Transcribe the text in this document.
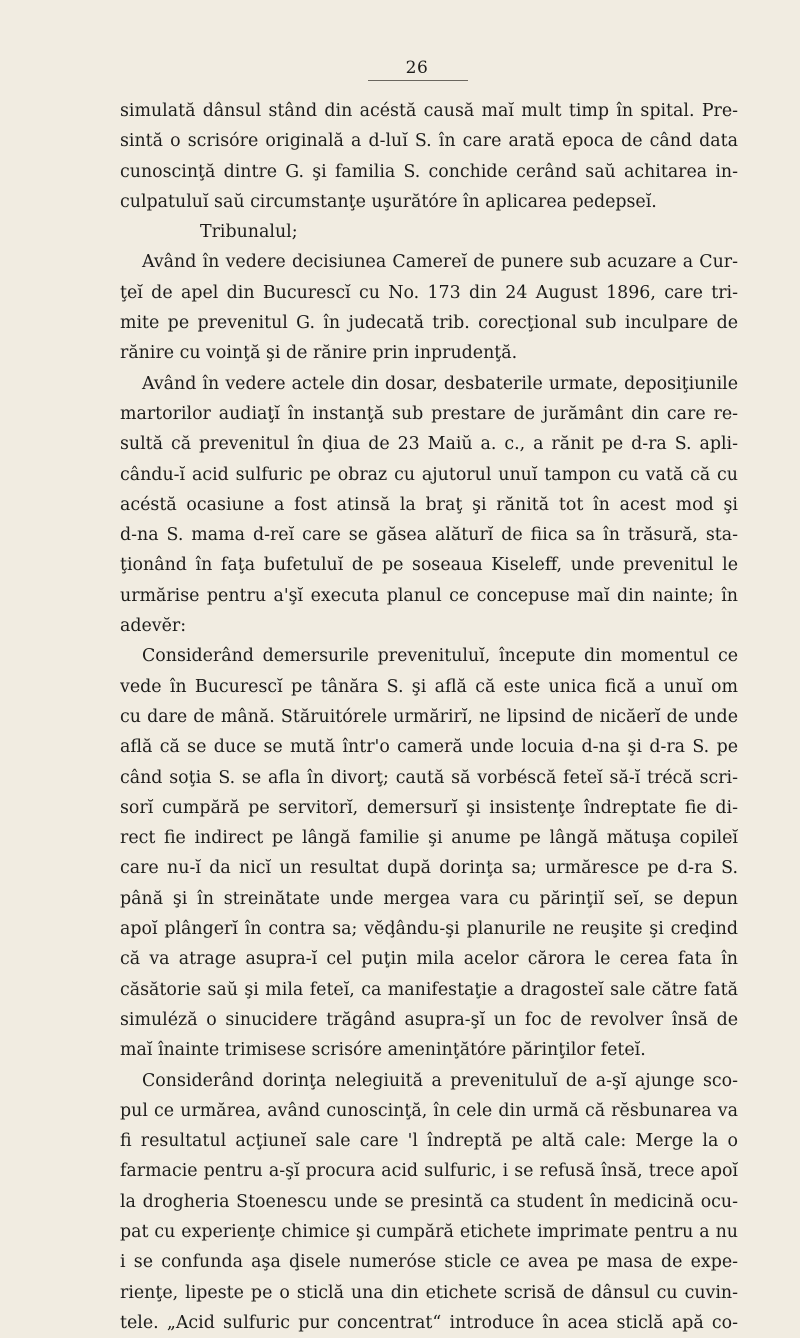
26
simulată dânsul stând din acéstă causă maĭ mult timp în spital. Pre-
sintă o scrisóre originală a d-luĭ S. în care arată epoca de când data
cunoscinţă dintre G. şi familia S. conchide cerând saŭ achitarea in-
culpatuluĭ saŭ circumstanţe uşurătóre în aplicarea pedepseĭ.
Tribunalul;
Având în vedere decisiunea Camereĭ de punere sub acuzare a Cur-
ţeĭ de apel din Bucurescĭ cu No. 173 din 24 August 1896, care tri-
mite pe prevenitul G. în judecată trib. corecţional sub inculpare de
rănire cu voinţă şi de rănire prin inprudenţă.
Având în vedere actele din dosar, desbaterile urmate, deposiţiunile
martorilor audiaţĭ în instanţă sub prestare de jurământ din care re-
sultă că prevenitul în ḑiua de 23 Maiŭ a. c., a rănit pe d-ra S. apli-
cându-ĭ acid sulfuric pe obraz cu ajutorul unuĭ tampon cu vată că cu
acéstă ocasiune a fost atinsă la braţ şi rănită tot în acest mod şi
d-na S. mama d-reĭ care se găsea alăturĭ de fiica sa în trăsură, sta-
ţionând în faţa bufetuluĭ de pe soseaua Kiseleff, unde prevenitul le
urmărise pentru a'şĭ executa planul ce concepuse maĭ din nainte; în
adevĕr:
Considerând demersurile prevenituluĭ, începute din momentul ce
vede în Bucurescĭ pe tânăra S. şi află că este unica fică a unuĭ om
cu dare de mână. Stăruitórele urmărirĭ, ne lipsind de nicăerĭ de unde
află că se duce se mută într'o cameră unde locuia d-na şi d-ra S. pe
când soţia S. se afla în divorţ; caută să vorbéscă feteĭ să-ĭ trécă scri-
sorĭ cumpără pe servitorĭ, demersurĭ şi insistenţe îndreptate fie di-
rect fie indirect pe lângă familie şi anume pe lângă mătuşa copileĭ
care nu-ĭ da nicĭ un resultat după dorinţa sa; urmăresce pe d-ra S.
până şi în streinătate unde mergea vara cu părinţiĭ seĭ, se depun
apoĭ plângerĭ în contra sa; vĕḑându-şi planurile ne reuşite şi creḑind
că va atrage asupra-ĭ cel puţin mila acelor cărora le cerea fata în
căsătorie saŭ şi mila feteĭ, ca manifestaţie a dragosteĭ sale către fată
simuléză o sinucidere trăgând asupra-şĭ un foc de revolver însă de
maĭ înainte trimisese scrisóre ameninţătóre părinţilor feteĭ.
Considerând dorinţa nelegiuită a prevenituluĭ de a-şĭ ajunge sco-
pul ce urmărea, având cunoscinţă, în cele din urmă că rĕsbunarea va
fi resultatul acţiuneĭ sale care 'l îndreptă pe altă cale: Merge la o
farmacie pentru a-şĭ procura acid sulfuric, i se refusă însă, trece apoĭ
la drogheria Stoenescu unde se presintă ca student în medicină ocu-
pat cu experienţe chimice şi cumpără etichete imprimate pentru a nu
i se confunda aşa ḑisele numeróse sticle ce avea pe masa de expe-
rienţe, lipeste pe o sticlă una din etichete scrisă de dânsul cu cuvin-
tele. „Acid sulfuric pur concentrat“ introduce în acea sticlă apă co-
